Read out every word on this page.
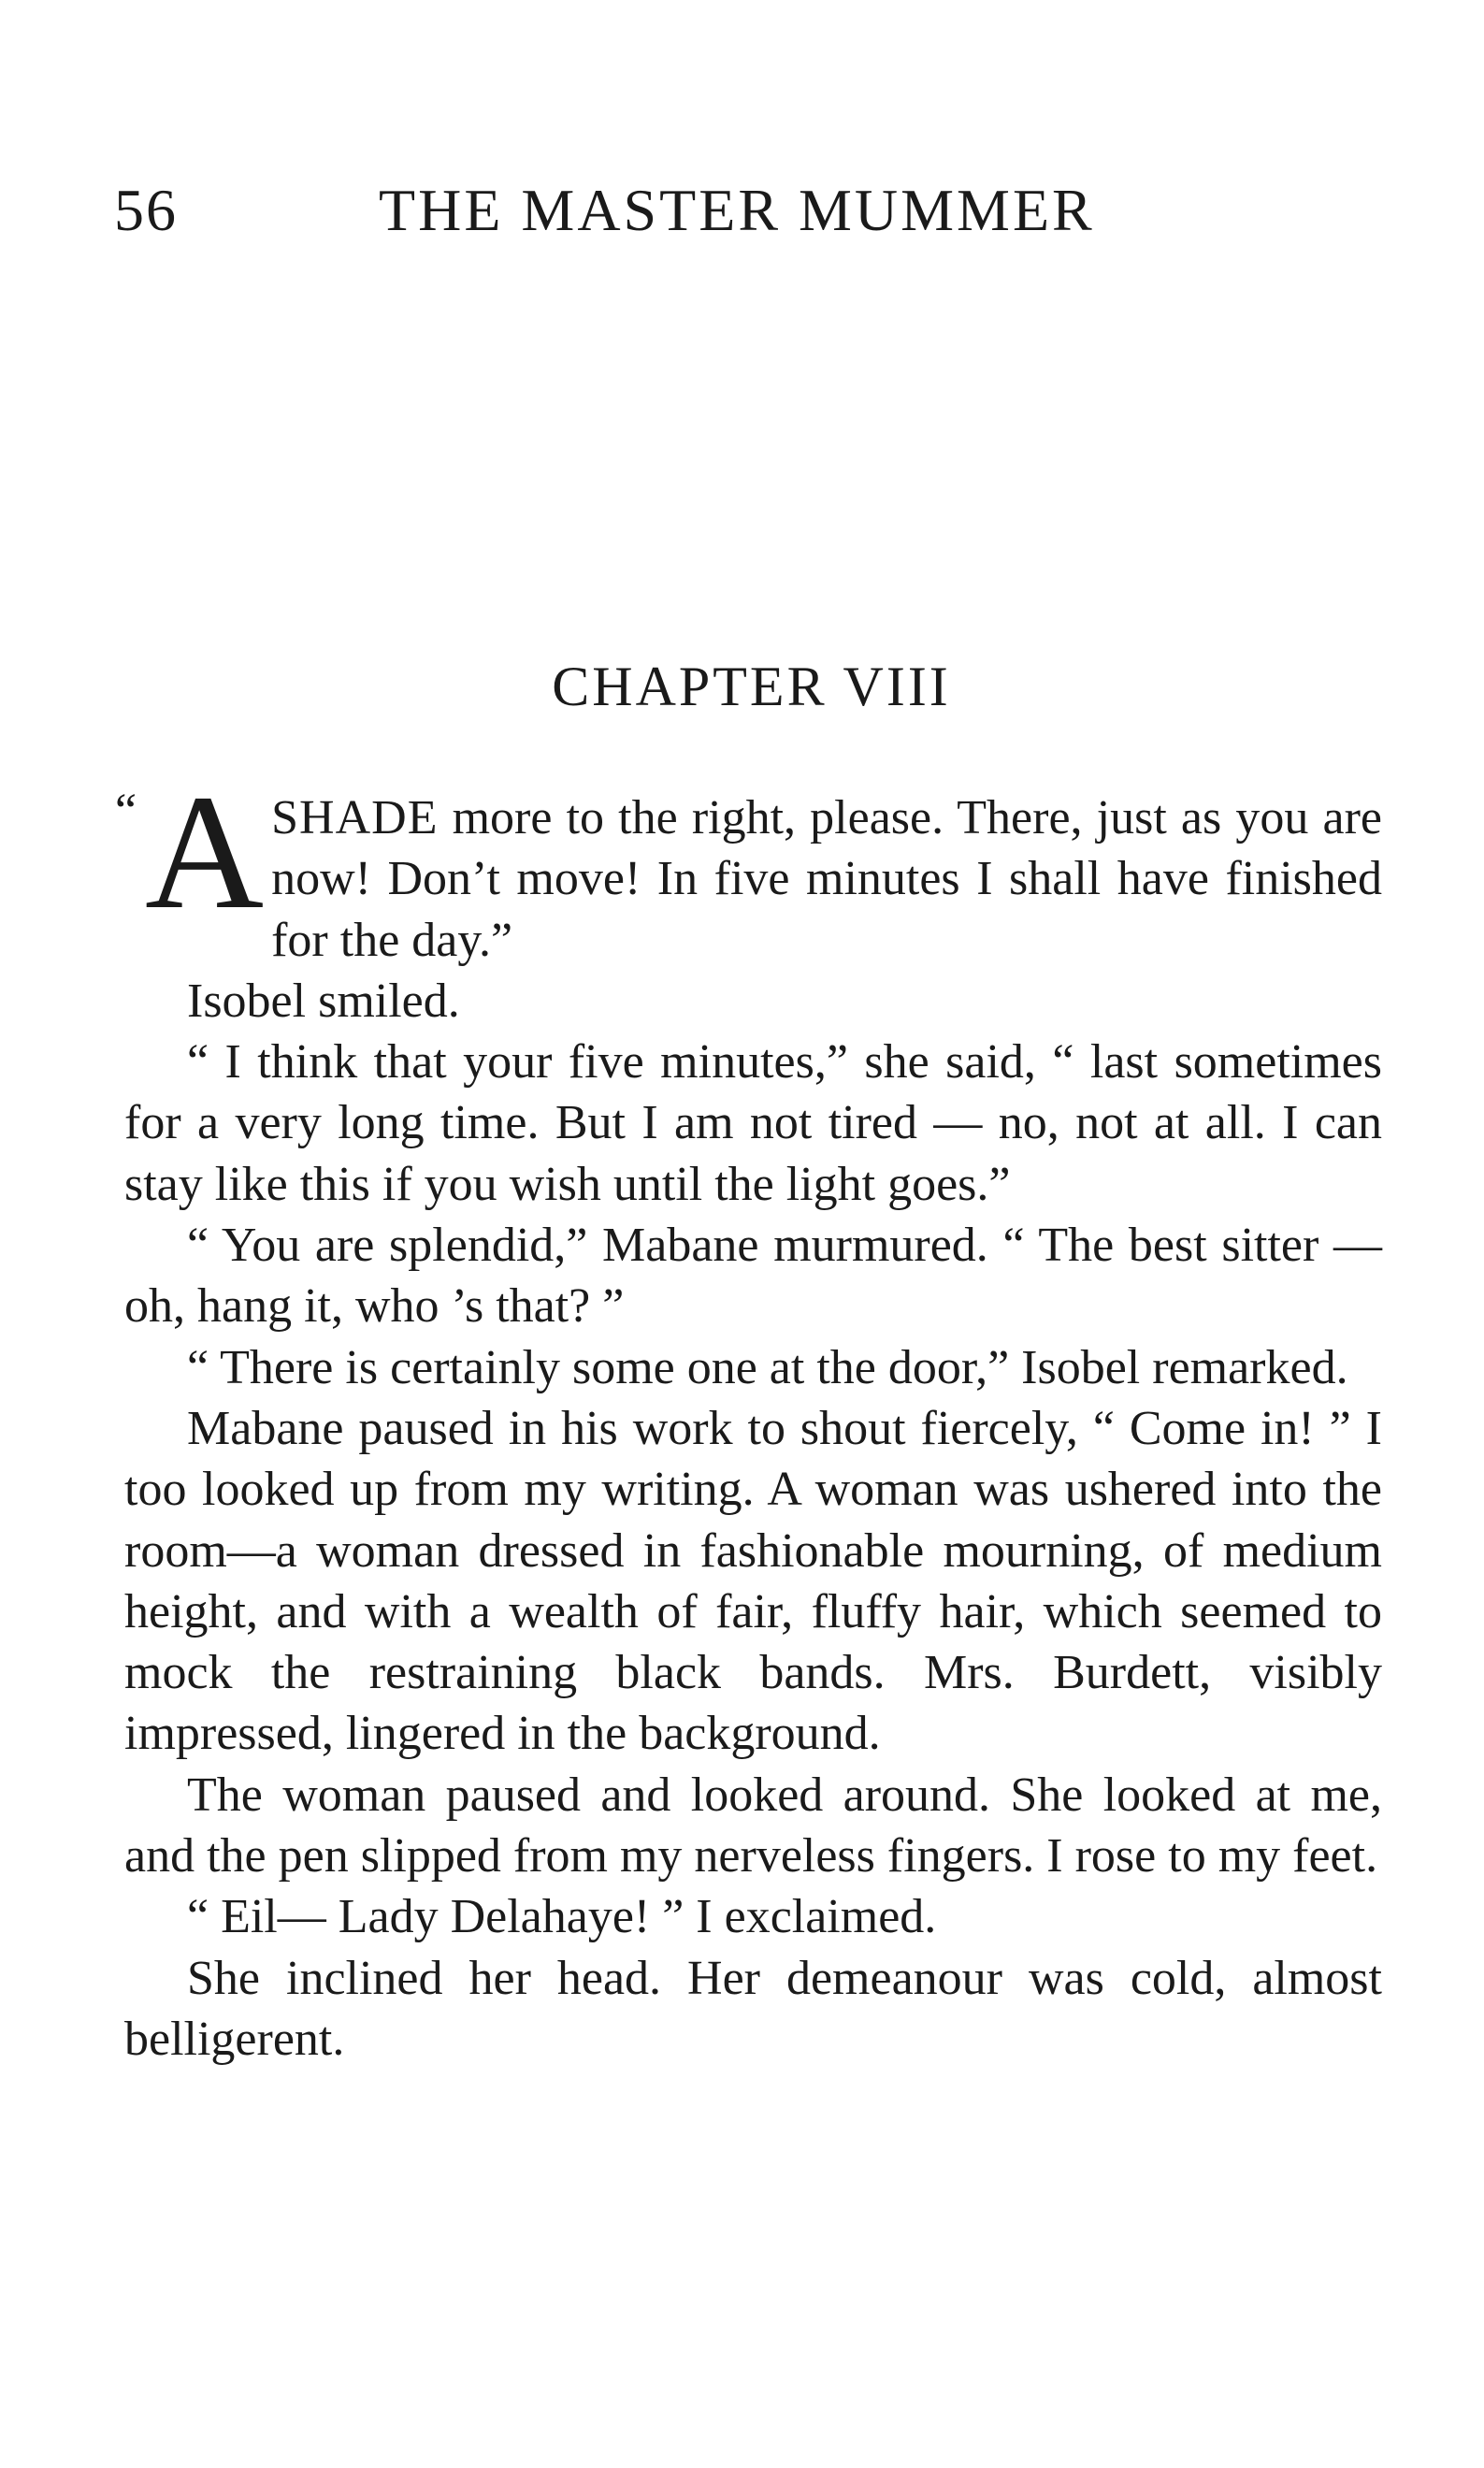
56	THE MASTER MUMMER
CHAPTER VIII

“ A SHADE more to the right, please. There, just as you are now! Don’t move! In five minutes I shall have finished for the day.”

Isobel smiled.

“ I think that your five minutes,” she said, “ last sometimes for a very long time. But I am not tired — no, not at all. I can stay like this if you wish until the light goes.”

“ You are splendid,” Mabane murmured. “ The best sitter — oh, hang it, who ’s that? ”

“ There is certainly some one at the door,” Isobel remarked.

Mabane paused in his work to shout fiercely, “ Come in! ” I too looked up from my writing. A woman was ushered into the room—a woman dressed in fashionable mourning, of medium height, and with a wealth of fair, fluffy hair, which seemed to mock the restraining black bands. Mrs. Burdett, visibly impressed, lingered in the background.

The woman paused and looked around. She looked at me, and the pen slipped from my nerveless fingers. I rose to my feet.

“ Eil— Lady Delahaye! ” I exclaimed.

She inclined her head. Her demeanour was cold, almost belligerent.
